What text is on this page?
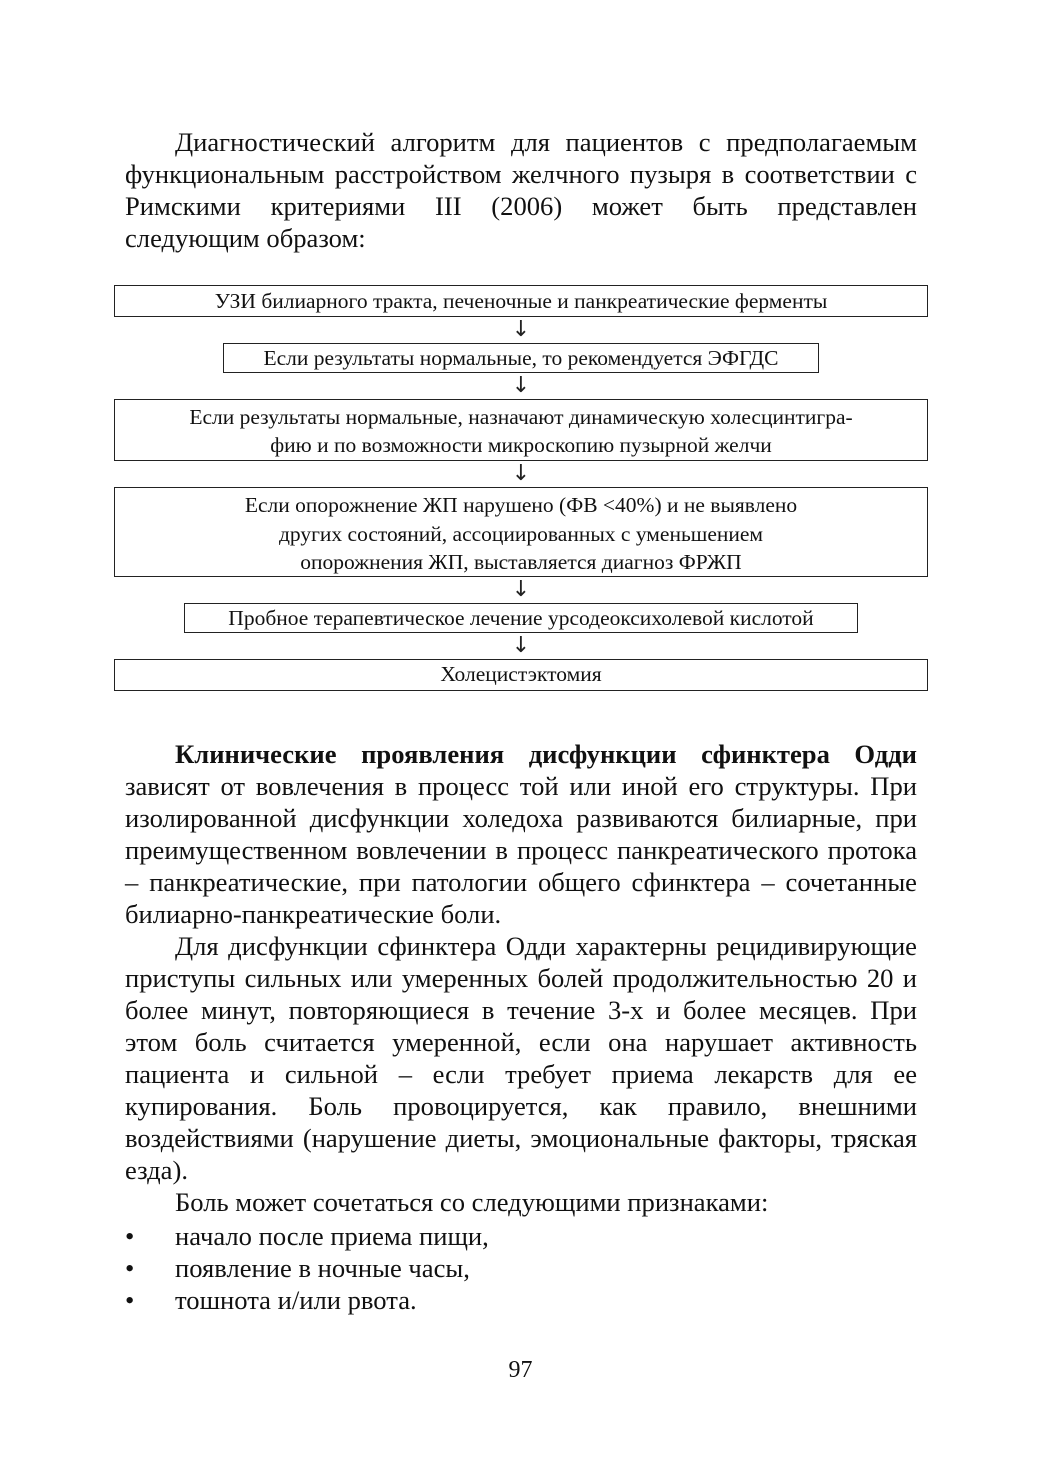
Диагностический алгоритм для пациентов с предполагаемым функциональным расстройством желчного пузыря в соответствии с Римскими критериями III (2006) может быть представлен следующим образом:

УЗИ билиарного тракта, печеночные и панкреатические ферменты
↓
Если результаты нормальные, то рекомендуется ЭФГДС
↓
Если результаты нормальные, назначают динамическую холесцинтигра-
фию и по возможности микроскопию пузырной желчи
↓
Если опорожнение ЖП нарушено (ФВ <40%) и не выявлено
других состояний, ассоциированных с уменьшением
опорожнения ЖП, выставляется диагноз ФРЖП
↓
Пробное терапевтическое лечение урсодеоксихолевой кислотой
↓
Холецистэктомия

Клинические проявления дисфункции сфинктера Одди зависят от вовлечения в процесс той или иной его структуры. При изолированной дисфункции холедоха развиваются билиарные, при преимущественном вовлечении в процесс панкреатического протока – панкреатические, при патологии общего сфинктера – сочетанные билиарно-панкреатические боли.

Для дисфункции сфинктера Одди характерны рецидивирующие приступы сильных или умеренных болей продолжительностью 20 и более минут, повторяющиеся в течение 3-х и более месяцев. При этом боль считается умеренной, если она нарушает активность пациента и сильной – если требует приема лекарств для ее купирования. Боль провоцируется, как правило, внешними воздействиями (нарушение диеты, эмоциональные факторы, тряская езда).

Боль может сочетаться со следующими признаками:

• начало после приема пищи,
• появление в ночные часы,
• тошнота и/или рвота.
97
